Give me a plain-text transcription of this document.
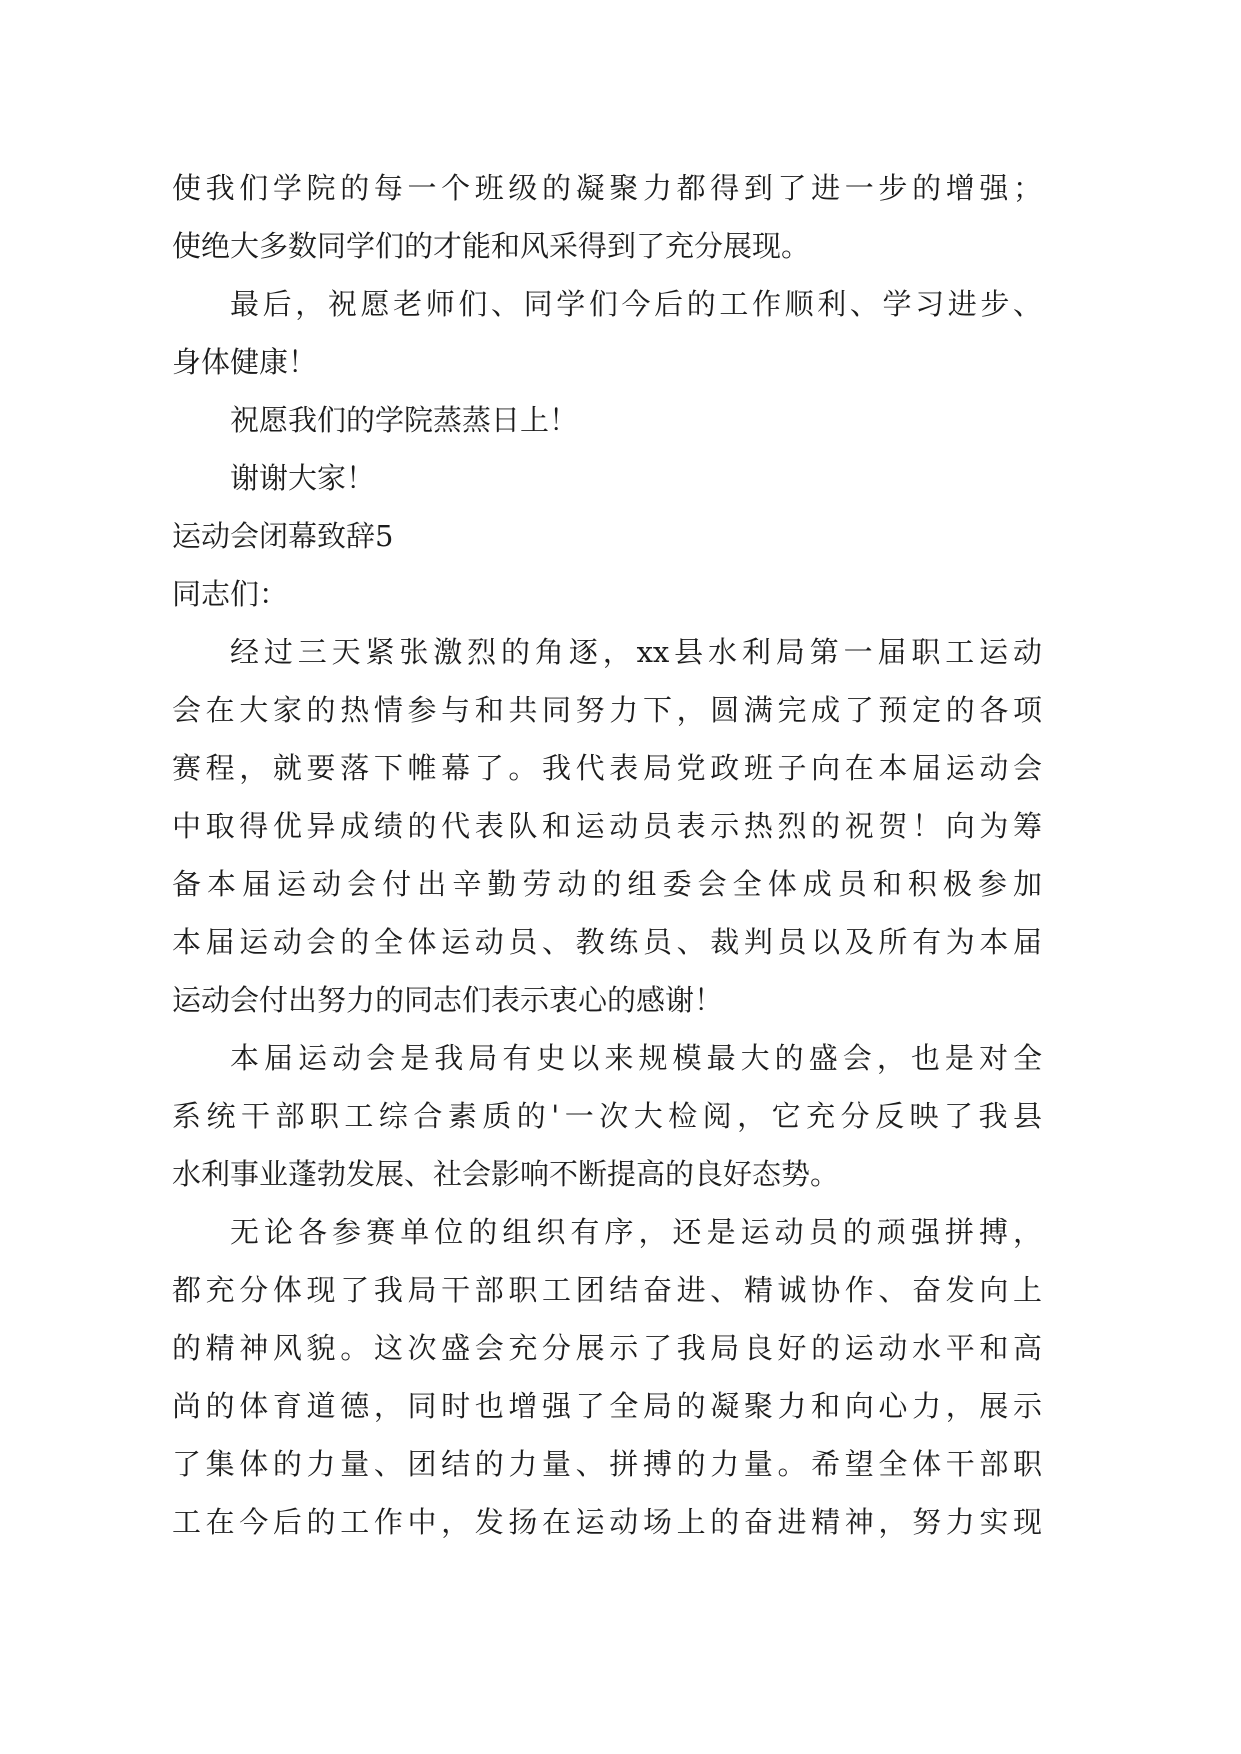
使我们学院的每一个班级的凝聚力都得到了进一步的增强；
使绝大多数同学们的才能和风采得到了充分展现。
最后，祝愿老师们、同学们今后的工作顺利、学习进步、
身体健康！
祝愿我们的学院蒸蒸日上！
谢谢大家！
运动会闭幕致辞5
同志们：
经过三天紧张激烈的角逐，xx县水利局第一届职工运动
会在大家的热情参与和共同努力下，圆满完成了预定的各项
赛程，就要落下帷幕了。我代表局党政班子向在本届运动会
中取得优异成绩的代表队和运动员表示热烈的祝贺！向为筹
备本届运动会付出辛勤劳动的组委会全体成员和积极参加
本届运动会的全体运动员、教练员、裁判员以及所有为本届
运动会付出努力的同志们表示衷心的感谢！
本届运动会是我局有史以来规模最大的盛会，也是对全
系统干部职工综合素质的'一次大检阅，它充分反映了我县
水利事业蓬勃发展、社会影响不断提高的良好态势。
无论各参赛单位的组织有序，还是运动员的顽强拼搏，
都充分体现了我局干部职工团结奋进、精诚协作、奋发向上
的精神风貌。这次盛会充分展示了我局良好的运动水平和高
尚的体育道德，同时也增强了全局的凝聚力和向心力，展示
了集体的力量、团结的力量、拼搏的力量。希望全体干部职
工在今后的工作中，发扬在运动场上的奋进精神，努力实现
